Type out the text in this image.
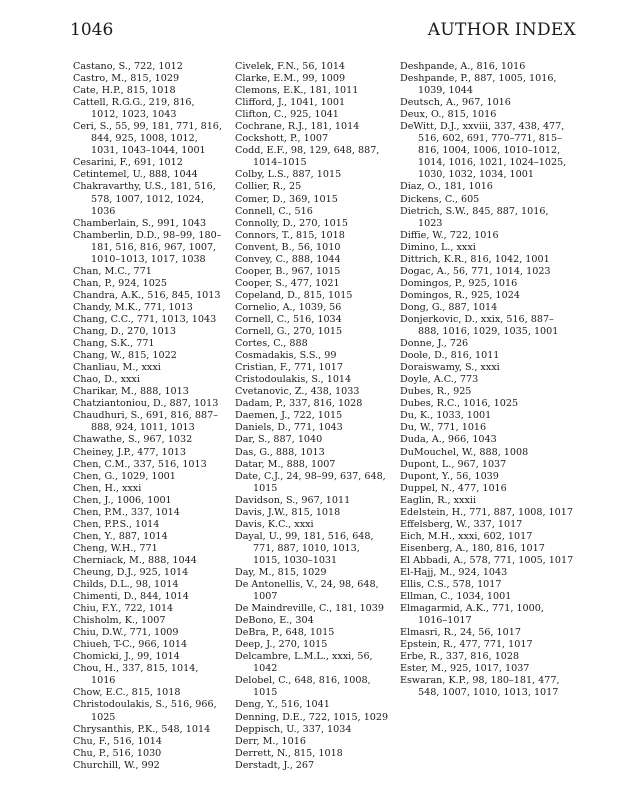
1046	AUTHOR INDEX
Castano, S., 722, 1012
Castro, M., 815, 1029
Cate, H.P., 815, 1018
Cattell, R.G.G., 219, 816, 1012, 1023, 1043
Ceri, S., 55, 99, 181, 771, 816, 844, 925, 1008, 1012, 1031, 1043–1044, 1001
Cesarini, F., 691, 1012
Cetintemel, U., 888, 1044
Chakravarthy, U.S., 181, 516, 578, 1007, 1012, 1024, 1036
Chamberlain, S., 991, 1043
Chamberlin, D.D., 98–99, 180–181, 516, 816, 967, 1007, 1010–1013, 1017, 1038
Chan, M.C., 771
Chan, P., 924, 1025
Chandra, A.K., 516, 845, 1013
Chandy, M.K., 771, 1013
Chang, C.C., 771, 1013, 1043
Chang, D., 270, 1013
Chang, S.K., 771
Chang, W., 815, 1022
Chanliau, M., xxxi
Chao, D., xxxi
Charikar, M., 888, 1013
Chatziantoniou, D., 887, 1013
Chaudhuri, S., 691, 816, 887–888, 924, 1011, 1013
Chawathe, S., 967, 1032
Cheiney, J.P., 477, 1013
Chen, C.M., 337, 516, 1013
Chen, G., 1029, 1001
Chen, H., xxxi
Chen, J., 1006, 1001
Chen, P.M., 337, 1014
Chen, P.P.S., 1014
Chen, Y., 887, 1014
Cheng, W.H., 771
Cherniack, M., 888, 1044
Cheung, D.J., 925, 1014
Childs, D.L., 98, 1014
Chimenti, D., 844, 1014
Chiu, F.Y., 722, 1014
Chisholm, K., 1007
Chiu, D.W., 771, 1009
Chiueh, T-C., 966, 1014
Chomicki, J., 99, 1014
Chou, H., 337, 815, 1014, 1016
Chow, E.C., 815, 1018
Christodoulakis, S., 516, 966, 1025
Chrysanthis, P.K., 548, 1014
Chu, F., 516, 1014
Chu, P., 516, 1030
Churchill, W., 992
Civelek, F.N., 56, 1014
Clarke, E.M., 99, 1009
Clemons, E.K., 181, 1011
Clifford, J., 1041, 1001
Clifton, C., 925, 1041
Cochrane, R.J., 181, 1014
Cockshott, P., 1007
Codd, E.F., 98, 129, 648, 887, 1014–1015
Colby, L.S., 887, 1015
Collier, R., 25
Comer, D., 369, 1015
Connell, C., 516
Connolly, D., 270, 1015
Connors, T., 815, 1018
Convent, B., 56, 1010
Convey, C., 888, 1044
Cooper, B., 967, 1015
Cooper, S., 477, 1021
Copeland, D., 815, 1015
Cornelio, A., 1039, 56
Cornell, C., 516, 1034
Cornell, G., 270, 1015
Cortes, C., 888
Cosmadakis, S.S., 99
Cristian, F., 771, 1017
Cristodoulakis, S., 1014
Cvetanovic, Z., 438, 1033
Dadam, P., 337, 816, 1028
Daemen, J., 722, 1015
Daniels, D., 771, 1043
Dar, S., 887, 1040
Das, G., 888, 1013
Datar, M., 888, 1007
Date, C.J., 24, 98–99, 637, 648, 1015
Davidson, S., 967, 1011
Davis, J.W., 815, 1018
Davis, K.C., xxxi
Dayal, U., 99, 181, 516, 648, 771, 887, 1010, 1013, 1015, 1030–1031
Day, M., 815, 1029
De Antonellis, V., 24, 98, 648, 1007
De Maindreville, C., 181, 1039
DeBono, E., 304
DeBra, P., 648, 1015
Deep, J., 270, 1015
Delcambre, L.M.L., xxxi, 56, 1042
Delobel, C., 648, 816, 1008, 1015
Deng, Y., 516, 1041
Denning, D.E., 722, 1015, 1029
Deppisch, U., 337, 1034
Derr, M., 1016
Derrett, N., 815, 1018
Derstadt, J., 267
Deshpande, A., 816, 1016
Deshpande, P., 887, 1005, 1016, 1039, 1044
Deutsch, A., 967, 1016
Deux, O., 815, 1016
DeWitt, D.J., xxviii, 337, 438, 477, 516, 602, 691, 770–771, 815–816, 1004, 1006, 1010–1012, 1014, 1016, 1021, 1024–1025, 1030, 1032, 1034, 1001
Diaz, O., 181, 1016
Dickens, C., 605
Dietrich, S.W., 845, 887, 1016, 1023
Diffie, W., 722, 1016
Dimino, L., xxxi
Dittrich, K.R., 816, 1042, 1001
Dogac, A., 56, 771, 1014, 1023
Domingos, P., 925, 1016
Domingos, R., 925, 1024
Dong, G., 887, 1014
Donjerkovic, D., xxix, 516, 887–888, 1016, 1029, 1035, 1001
Donne, J., 726
Doole, D., 816, 1011
Doraiswamy, S., xxxi
Doyle, A.C., 773
Dubes, R., 925
Dubes, R.C., 1016, 1025
Du, K., 1033, 1001
Du, W., 771, 1016
Duda, A., 966, 1043
DuMouchel, W., 888, 1008
Dupont, L., 967, 1037
Dupont, Y., 56, 1039
Duppel, N., 477, 1016
Eaglin, R., xxxii
Edelstein, H., 771, 887, 1008, 1017
Effelsberg, W., 337, 1017
Eich, M.H., xxxi, 602, 1017
Eisenberg, A., 180, 816, 1017
El Abbadi, A., 578, 771, 1005, 1017
El-Hajj, M., 924, 1043
Ellis, C.S., 578, 1017
Ellman, C., 1034, 1001
Elmagarmid, A.K., 771, 1000, 1016–1017
Elmasri, R., 24, 56, 1017
Epstein, R., 477, 771, 1017
Erbe, R., 337, 816, 1028
Ester, M., 925, 1017, 1037
Eswaran, K.P., 98, 180–181, 477, 548, 1007, 1010, 1013, 1017
